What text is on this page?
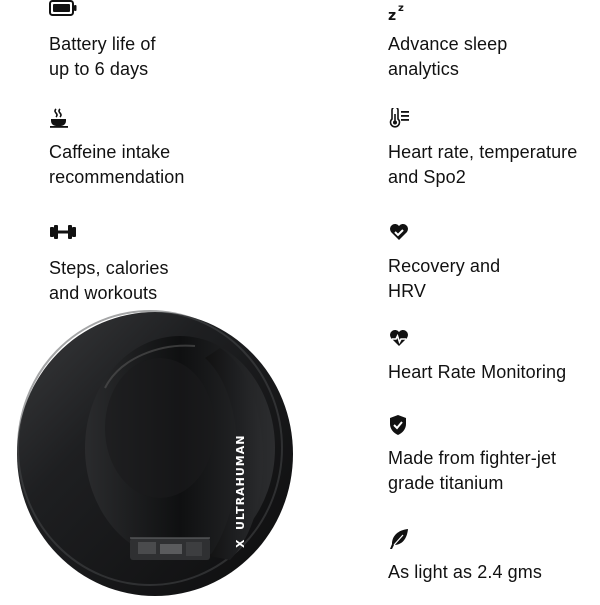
Battery life of
up to 6 days
Caffeine intake
recommendation
Steps, calories
and workouts
z z
Advance sleep
analytics
Heart rate, temperature
and Spo2
Recovery and
HRV
Heart Rate Monitoring
Made from fighter-jet
grade titanium
As light as 2.4 gms
ULTRAHUMAN
X
